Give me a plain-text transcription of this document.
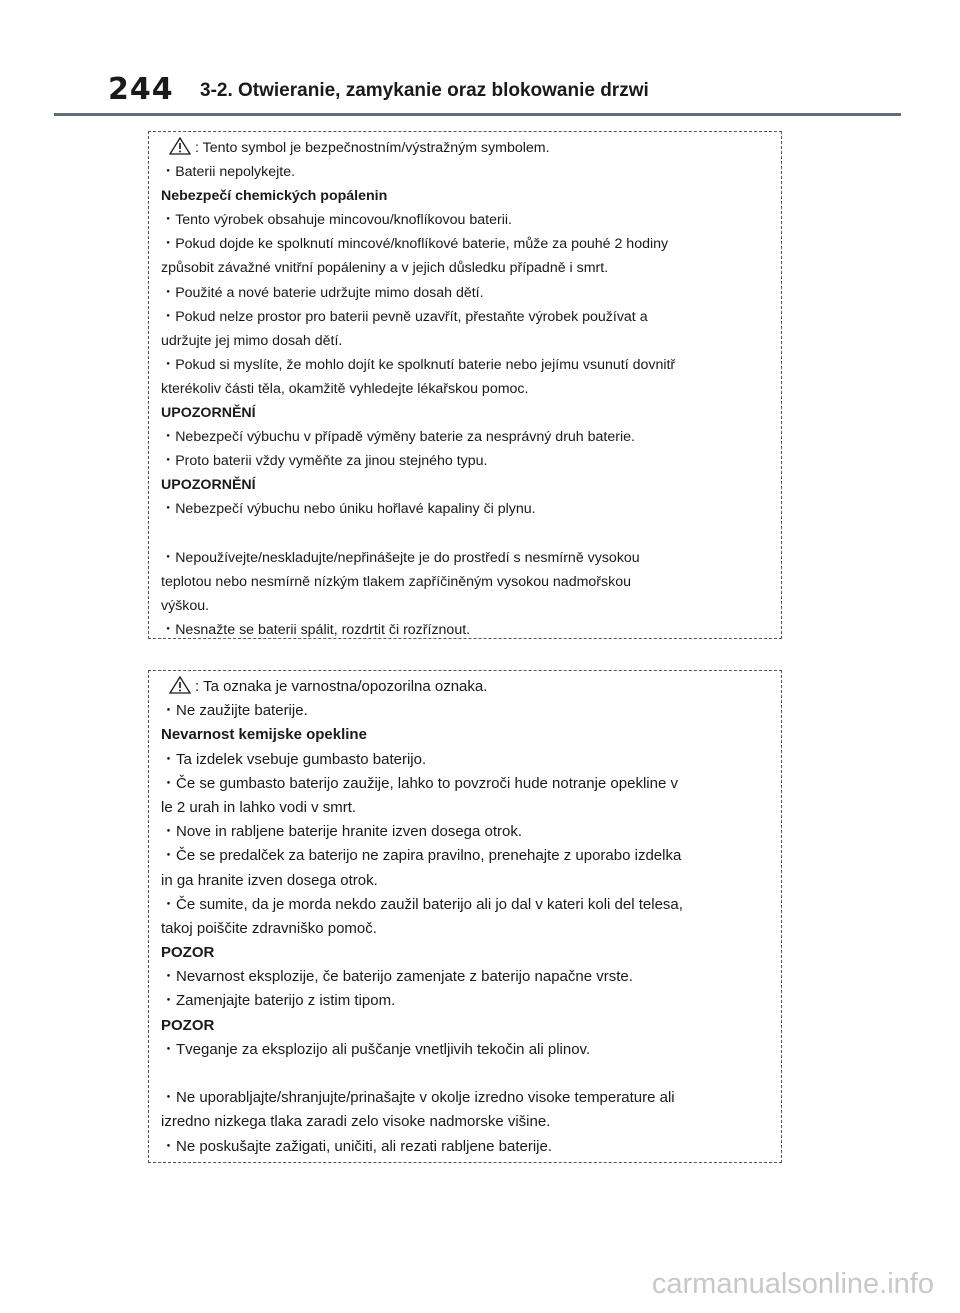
244 3-2. Otwieranie, zamykanie oraz blokowanie drzwi
: Tento symbol je bezpečnostním/výstražným symbolem.
・Baterii nepolykejte.
Nebezpečí chemických popálenin
・Tento výrobek obsahuje mincovou/knoflíkovou baterii.
・Pokud dojde ke spolknutí mincové/knoflíkové baterie, může za pouhé 2 hodiny
způsobit závažné vnitřní popáleniny a v jejich důsledku případně i smrt.
・Použité a nové baterie udržujte mimo dosah dětí.
・Pokud nelze prostor pro baterii pevně uzavřít, přestaňte výrobek používat a
udržujte jej mimo dosah dětí.
・Pokud si myslíte, že mohlo dojít ke spolknutí baterie nebo jejímu vsunutí dovnitř
kterékoliv části těla, okamžitě vyhledejte lékařskou pomoc.
UPOZORNĚNÍ
・Nebezpečí výbuchu v případě výměny baterie za nesprávný druh baterie.
・Proto baterii vždy vyměňte za jinou stejného typu.
UPOZORNĚNÍ
・Nebezpečí výbuchu nebo úniku hořlavé kapaliny či plynu.
・Nepoužívejte/neskladujte/nepřinášejte je do prostředí s nesmírně vysokou
teplotou nebo nesmírně nízkým tlakem zapříčiněným vysokou nadmořskou
výškou.
・Nesnažte se baterii spálit, rozdrtit či rozříznout.
: Ta oznaka je varnostna/opozorilna oznaka.
・Ne zaužijte baterije.
Nevarnost kemijske opekline
・Ta izdelek vsebuje gumbasto baterijo.
・Če se gumbasto baterijo zaužije, lahko to povzroči hude notranje opekline v
le 2 urah in lahko vodi v smrt.
・Nove in rabljene baterije hranite izven dosega otrok.
・Če se predalček za baterijo ne zapira pravilno, prenehajte z uporabo izdelka
in ga hranite izven dosega otrok.
・Če sumite, da je morda nekdo zaužil baterijo ali jo dal v kateri koli del telesa,
takoj poiščite zdravniško pomoč.
POZOR
・Nevarnost eksplozije, če baterijo zamenjate z baterijo napačne vrste.
・Zamenjajte baterijo z istim tipom.
POZOR
・Tveganje za eksplozijo ali puščanje vnetljivih tekočin ali plinov.
・Ne uporabljajte/shranjujte/prinašajte v okolje izredno visoke temperature ali
izredno nizkega tlaka zaradi zelo visoke nadmorske višine.
・Ne poskušajte zažigati, uničiti, ali rezati rabljene baterije.
carmanualsonline.info
